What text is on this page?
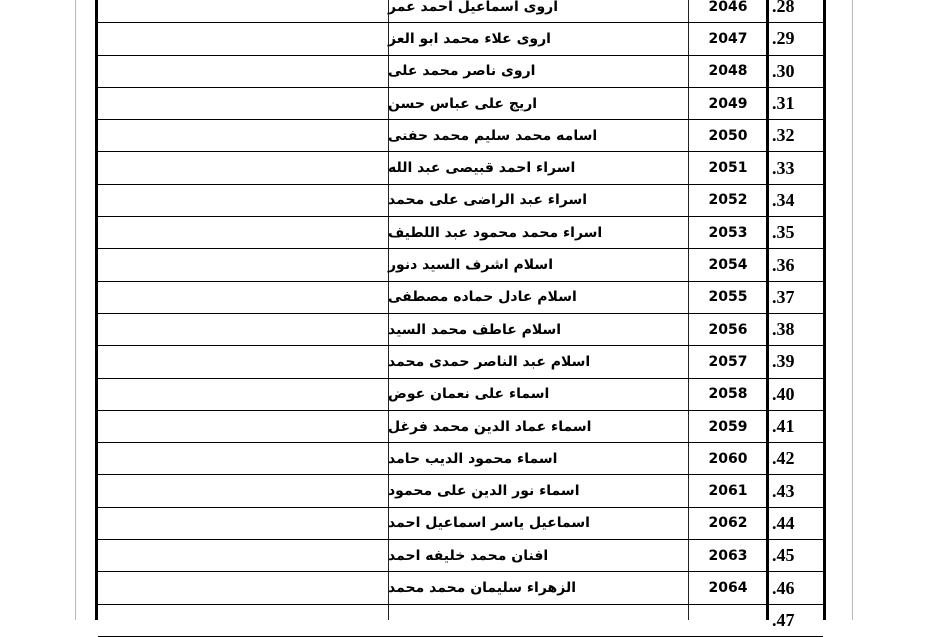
اروى اسماعيل احمد عمر	2046	.28
اروى علاء محمد ابو العز	2047	.29
اروى ناصر محمد على	2048	.30
اريج على عباس حسن	2049	.31
اسامه محمد سليم محمد حفنى	2050	.32
اسراء احمد قبيصى عبد الله	2051	.33
اسراء عبد الراضى على محمد	2052	.34
اسراء محمد محمود عبد اللطيف	2053	.35
اسلام اشرف السيد دنور	2054	.36
اسلام عادل حماده مصطفى	2055	.37
اسلام عاطف محمد السيد	2056	.38
اسلام عبد الناصر حمدى محمد	2057	.39
اسماء على نعمان عوض	2058	.40
اسماء عماد الدين محمد فرغل	2059	.41
اسماء محمود الديب حامد	2060	.42
اسماء نور الدين على محمود	2061	.43
اسماعيل ياسر اسماعيل احمد	2062	.44
افنان محمد خليفه احمد	2063	.45
الزهراء سليمان محمد محمد	2064	.46
.47
